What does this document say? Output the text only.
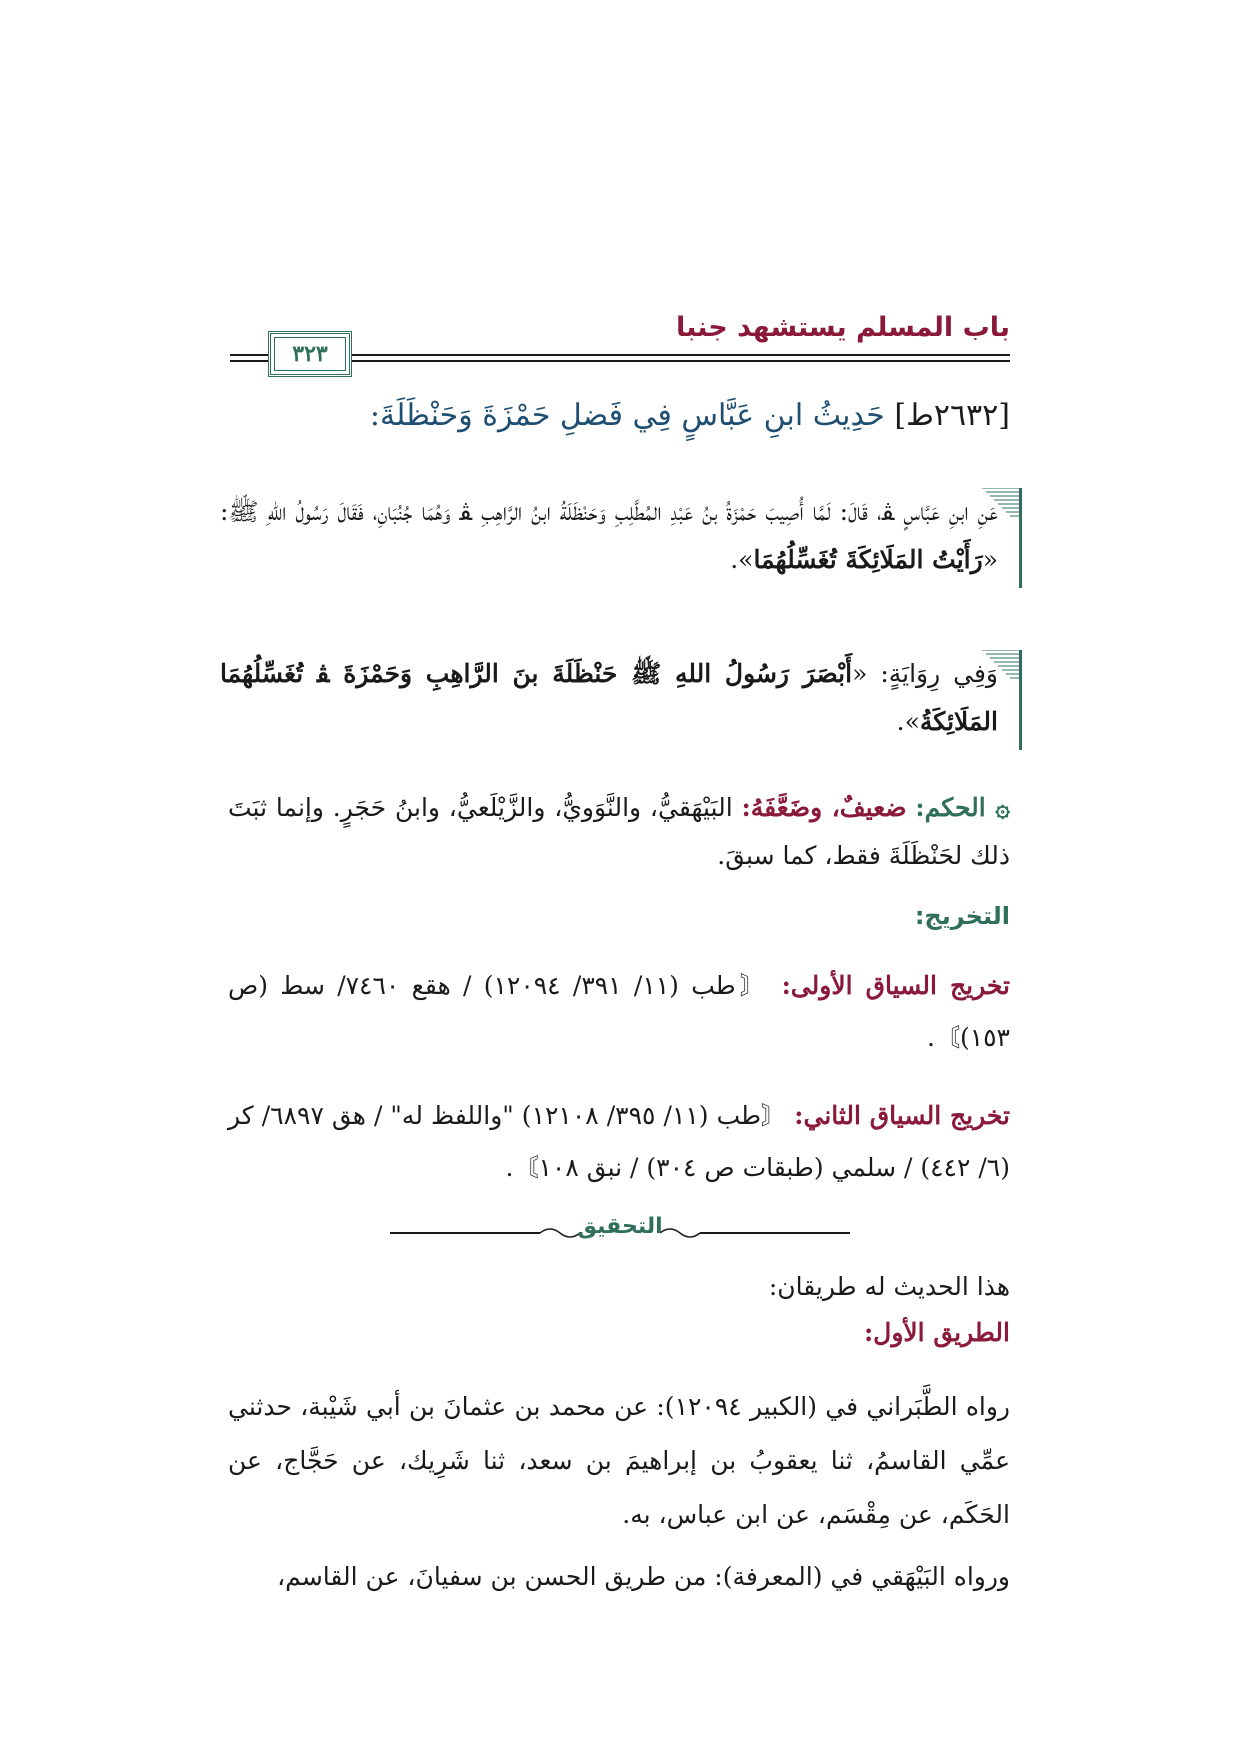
باب المسلم يستشهد جنبا
٣٢٣
[٢٦٣٢ط] حَدِيثُ ابنِ عَبَّاسٍ فِي فَضلِ حَمْزَةَ وَحَنْظَلَةَ:
عَنِ ابنِ عَبَّاسٍ ﭭ، قَالَ: لَمَّا أُصِيبَ حَمْزَةُ بنُ عَبْدِ المُطَّلِبِ وَحَنْظَلَةُ ابنُ الرَّاهِبِ ﭭ وَهُمَا جُنُبَانِ، فَقَالَ رَسُولُ اللهِ ﷺ: «رَأَيْتُ المَلَائِكَةَ تُغَسِّلُهُمَا».
وَفِي رِوَايَةٍ: «أَبْصَرَ رَسُولُ اللهِ ﷺ حَنْظَلَةَ بنَ الرَّاهِبِ وَحَمْزَةَ ﭭ تُغَسِّلُهُمَا المَلَائِكَةُ».
۞ الحكم: ضعيفٌ، وضَعَّفَهُ: البَيْهَقيُّ، والنَّوَويُّ، والزَّيْلَعيُّ، وابنُ حَجَرٍ. وإنما ثبَتَ ذلك لحَنْظَلَةَ فقط، كما سبقَ.
التخريج:
تخريج السياق الأولى: 〘طب (١١/ ٣٩١/ ١٢٠٩٤) / هقع ٧٤٦٠/ سط (ص ١٥٣)〙.
تخريج السياق الثاني: 〘طب (١١/ ٣٩٥/ ١٢١٠٨) "واللفظ له" / هق ٦٨٩٧/ كر (٦/ ٤٤٢) / سلمي (طبقات ص ٣٠٤) / نبق ١٠٨〙.
التحقيق
هذا الحديث له طريقان:
الطريق الأول:
رواه الطَّبَراني في (الكبير ١٢٠٩٤): عن محمد بن عثمانَ بن أبي شَيْبة، حدثني عمِّي القاسمُ، ثنا يعقوبُ بن إبراهيمَ بن سعد، ثنا شَرِيك، عن حَجَّاج، عن الحَكَم، عن مِقْسَم، عن ابن عباس، به.
ورواه البَيْهَقي في (المعرفة): من طريق الحسن بن سفيانَ، عن القاسم،
